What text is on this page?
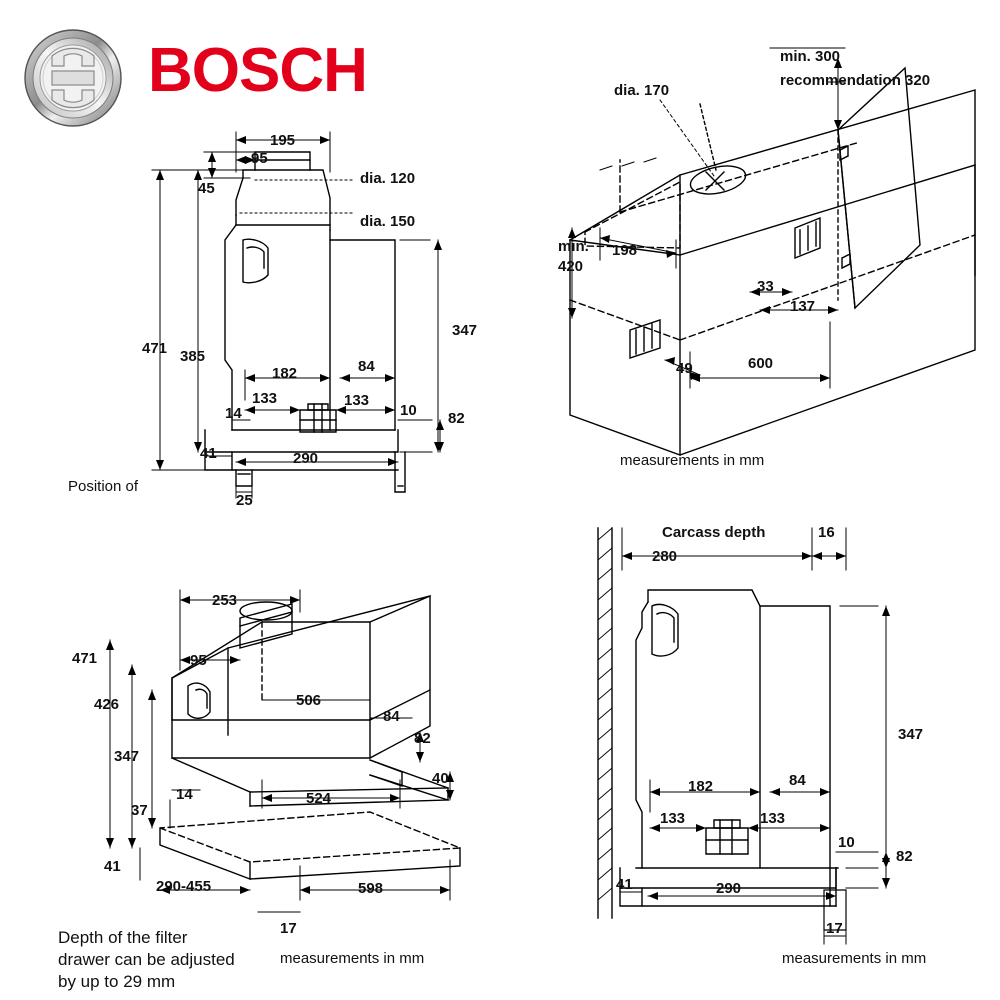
BOSCH
195
95
45
dia. 120
dia. 150
471 385
347
182	84
133	133
14	10 82
41	290
25
Position of
min. 300
recommendation 320
dia. 170
min.
420
198
33
137
49	600
measurements in mm
253
95
471
426
347
37
14
506
524
84
82
40
41
290-455	598
17
Depth of the filter
drawer can be adjusted
by up to 29 mm
measurements in mm
Carcass depth
280
16
347
182	84
133	133
10
82
41	290
17
measurements in mm
